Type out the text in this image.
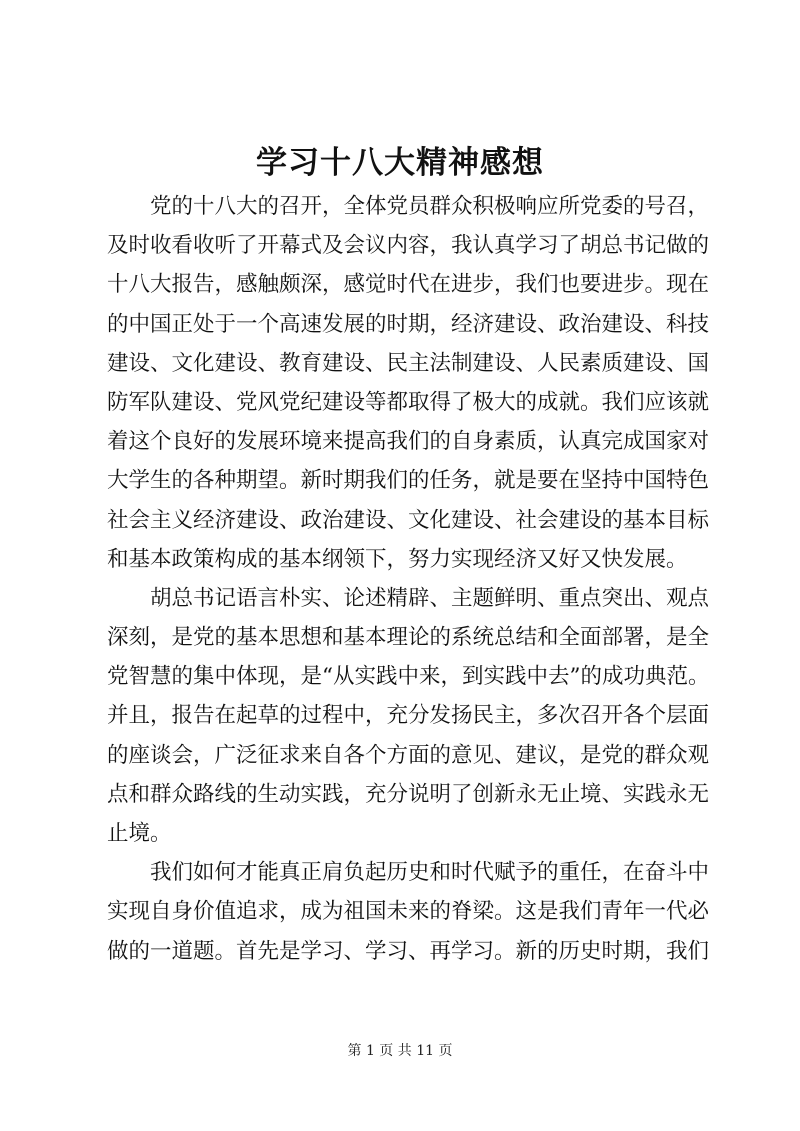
学习十八大精神感想
党的十八大的召开，全体党员群众积极响应所党委的号召，
及时收看收听了开幕式及会议内容，我认真学习了胡总书记做的
十八大报告，感触颇深，感觉时代在进步，我们也要进步。现在
的中国正处于一个高速发展的时期，经济建设、政治建设、科技
建设、文化建设、教育建设、民主法制建设、人民素质建设、国
防军队建设、党风党纪建设等都取得了极大的成就。我们应该就
着这个良好的发展环境来提高我们的自身素质，认真完成国家对
大学生的各种期望。新时期我们的任务，就是要在坚持中国特色
社会主义经济建设、政治建设、文化建设、社会建设的基本目标
和基本政策构成的基本纲领下，努力实现经济又好又快发展。
胡总书记语言朴实、论述精辟、主题鲜明、重点突出、观点
深刻，是党的基本思想和基本理论的系统总结和全面部署，是全
党智慧的集中体现，是“从实践中来，到实践中去”的成功典范。
并且，报告在起草的过程中，充分发扬民主，多次召开各个层面
的座谈会，广泛征求来自各个方面的意见、建议，是党的群众观
点和群众路线的生动实践，充分说明了创新永无止境、实践永无
止境。
我们如何才能真正肩负起历史和时代赋予的重任，在奋斗中
实现自身价值追求，成为祖国未来的脊梁。这是我们青年一代必
做的一道题。首先是学习、学习、再学习。新的历史时期，我们
第 1 页 共 11 页
